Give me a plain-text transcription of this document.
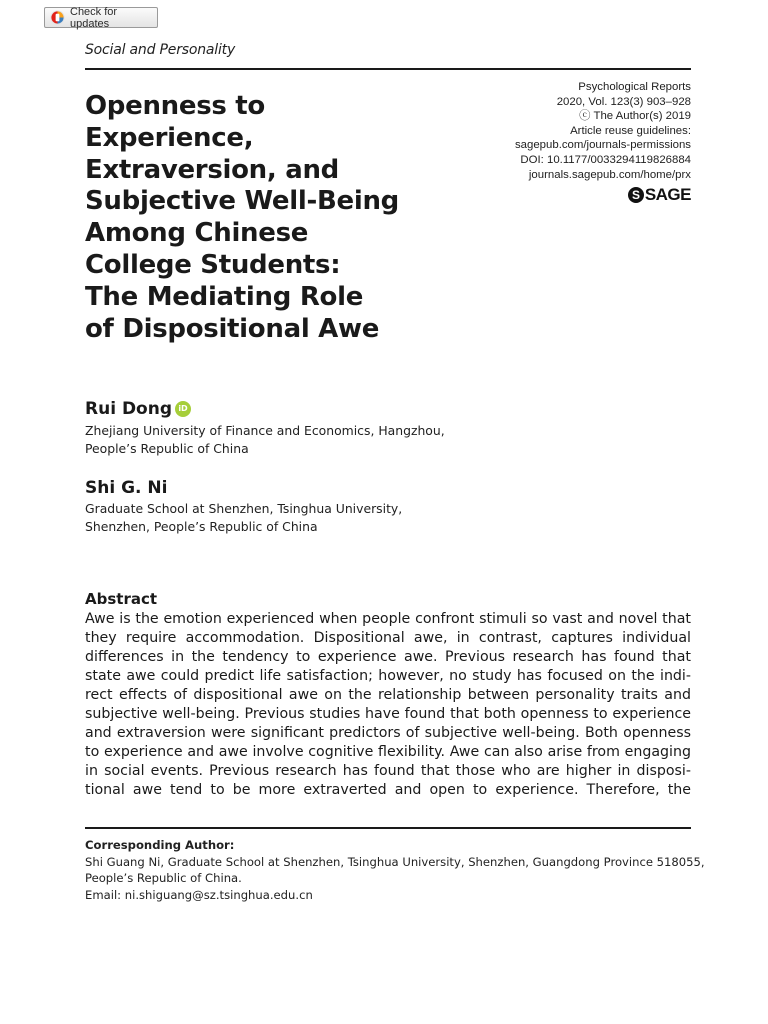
Check for updates
Social and Personality
Psychological Reports
2020, Vol. 123(3) 903–928
ⓒ The Author(s) 2019
Article reuse guidelines:
sagepub.com/journals-permissions
DOI: 10.1177/0033294119826884
journals.sagepub.com/home/prx
S SAGE
Openness to
Experience,
Extraversion, and
Subjective Well-Being
Among Chinese
College Students:
The Mediating Role
of Dispositional Awe
Rui Dong iD
Zhejiang University of Finance and Economics, Hangzhou,
People’s Republic of China
Shi G. Ni
Graduate School at Shenzhen, Tsinghua University,
Shenzhen, People’s Republic of China
Abstract
Awe is the emotion experienced when people confront stimuli so vast and novel that
they require accommodation. Dispositional awe, in contrast, captures individual
differences in the tendency to experience awe. Previous research has found that
state awe could predict life satisfaction; however, no study has focused on the indi-
rect effects of dispositional awe on the relationship between personality traits and
subjective well-being. Previous studies have found that both openness to experience
and extraversion were significant predictors of subjective well-being. Both openness
to experience and awe involve cognitive flexibility. Awe can also arise from engaging
in social events. Previous research has found that those who are higher in disposi-
tional awe tend to be more extraverted and open to experience. Therefore, the
Corresponding Author:
Shi Guang Ni, Graduate School at Shenzhen, Tsinghua University, Shenzhen, Guangdong Province 518055,
People’s Republic of China.
Email: ni.shiguang@sz.tsinghua.edu.cn
